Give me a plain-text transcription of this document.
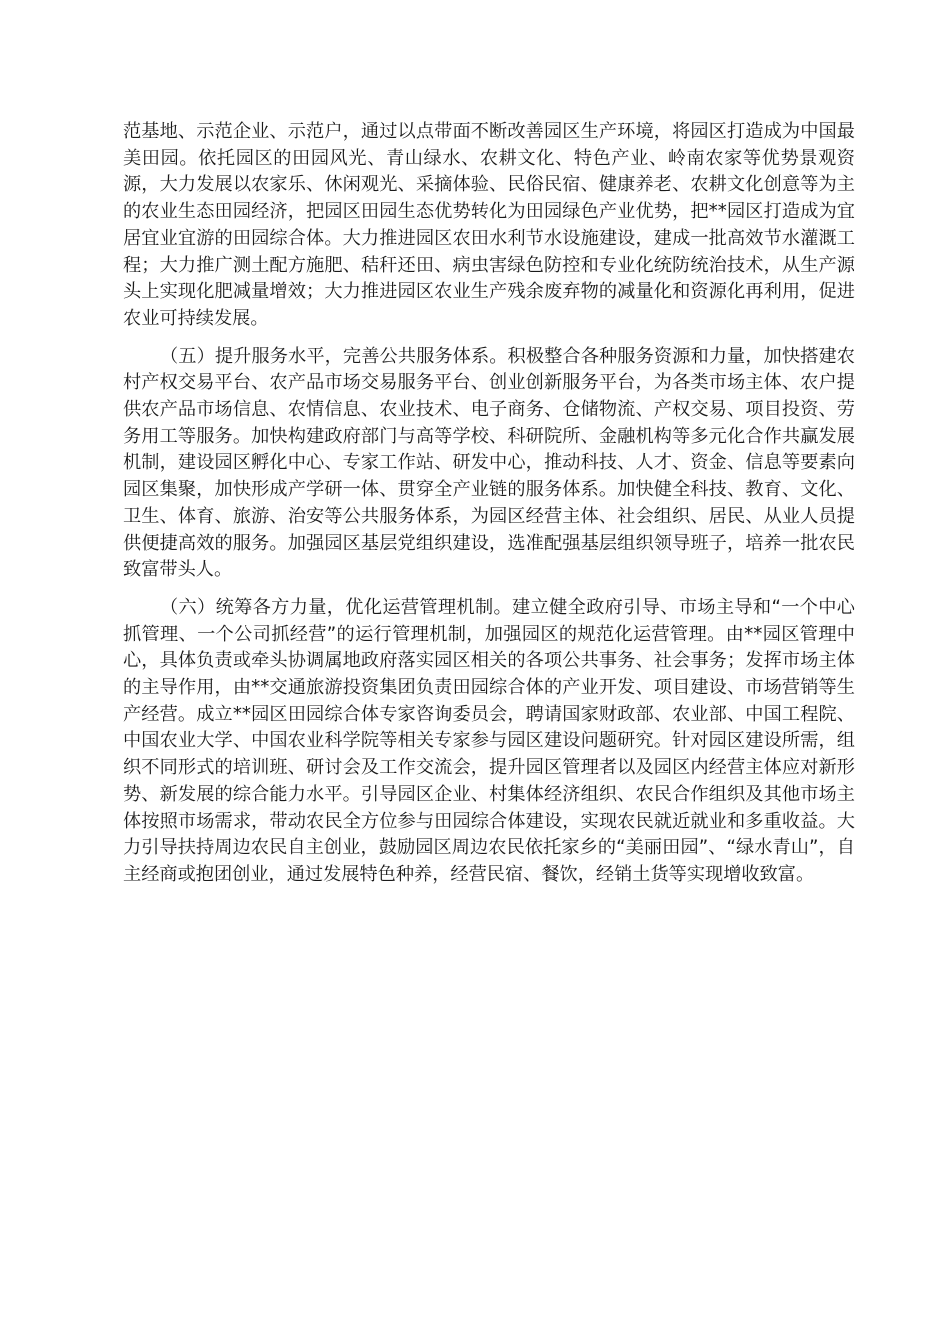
范基地、示范企业、示范户，通过以点带面不断改善园区生产环境，将园区打造成为中国最美田园。依托园区的田园风光、青山绿水、农耕文化、特色产业、岭南农家等优势景观资源，大力发展以农家乐、休闲观光、采摘体验、民俗民宿、健康养老、农耕文化创意等为主的农业生态田园经济，把园区田园生态优势转化为田园绿色产业优势，把**园区打造成为宜居宜业宜游的田园综合体。大力推进园区农田水利节水设施建设，建成一批高效节水灌溉工程；大力推广测土配方施肥、秸秆还田、病虫害绿色防控和专业化统防统治技术，从生产源头上实现化肥减量增效；大力推进园区农业生产残余废弃物的减量化和资源化再利用，促进农业可持续发展。

（五）提升服务水平，完善公共服务体系。积极整合各种服务资源和力量，加快搭建农村产权交易平台、农产品市场交易服务平台、创业创新服务平台，为各类市场主体、农户提供农产品市场信息、农情信息、农业技术、电子商务、仓储物流、产权交易、项目投资、劳务用工等服务。加快构建政府部门与高等学校、科研院所、金融机构等多元化合作共赢发展机制，建设园区孵化中心、专家工作站、研发中心，推动科技、人才、资金、信息等要素向园区集聚，加快形成产学研一体、贯穿全产业链的服务体系。加快健全科技、教育、文化、卫生、体育、旅游、治安等公共服务体系，为园区经营主体、社会组织、居民、从业人员提供便捷高效的服务。加强园区基层党组织建设，选准配强基层组织领导班子，培养一批农民致富带头人。

（六）统筹各方力量，优化运营管理机制。建立健全政府引导、市场主导和“一个中心抓管理、一个公司抓经营”的运行管理机制，加强园区的规范化运营管理。由**园区管理中心，具体负责或牵头协调属地政府落实园区相关的各项公共事务、社会事务；发挥市场主体的主导作用，由**交通旅游投资集团负责田园综合体的产业开发、项目建设、市场营销等生产经营。成立**园区田园综合体专家咨询委员会，聘请国家财政部、农业部、中国工程院、中国农业大学、中国农业科学院等相关专家参与园区建设问题研究。针对园区建设所需，组织不同形式的培训班、研讨会及工作交流会，提升园区管理者以及园区内经营主体应对新形势、新发展的综合能力水平。引导园区企业、村集体经济组织、农民合作组织及其他市场主体按照市场需求，带动农民全方位参与田园综合体建设，实现农民就近就业和多重收益。大力引导扶持周边农民自主创业，鼓励园区周边农民依托家乡的“美丽田园”、“绿水青山”，自主经商或抱团创业，通过发展特色种养，经营民宿、餐饮，经销土货等实现增收致富。
